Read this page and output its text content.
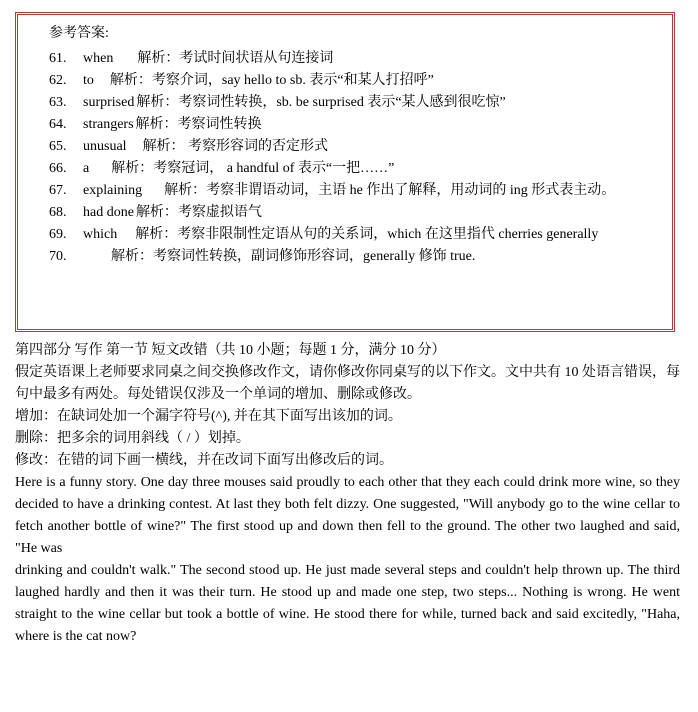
参考答案:
61.	when 解析：考试时间状语从句连接词
62.	to 解析：考察介词，say hello to sb. 表示“和某人打招呼”
63.	surprised 解析：考察词性转换，sb. be surprised 表示“某人感到很吃惊”
64.	strangers 解析：考察词性转换
65.	unusual 解析： 考察形容词的否定形式
66.	a 解析：考察冠词， a handful of 表示“一把……”
67.	explaining 解析：考察非谓语动词，主语 he 作出了解释，用动词的 ing 形式表主动。
68.	had done 解析：考察虚拟语气
69.	which 解析：考察非限制性定语从句的关系词，which 在这里指代 cherries generally
70.	解析：考察词性转换，副词修饰形容词，generally 修饰 true.

第四部分 写作 第一节 短文改错（共 10 小题；每题 1 分，满分 10 分）

假定英语课上老师要求同桌之间交换修改作文，请你修改你同桌写的以下作文。文中共有 10 处语言错误，每句中最多有两处。每处错误仅涉及一个单词的增加、删除或修改。

增加：在缺词处加一个漏字符号(^), 并在其下面写出该加的词。

删除：把多余的词用斜线（ / ）划掉。

修改：在错的词下画一横线，并在改词下面写出修改后的词。

Here is a funny story. One day three mouses said proudly to each other that they each could drink more wine, so they decided to have a drinking contest. At last they both felt dizzy. One suggested, "Will anybody go to the wine cellar to fetch another bottle of wine?" The first stood up and down then fell to the ground. The other two laughed and said, "He was

drinking and couldn't walk." The second stood up. He just made several steps and couldn't help thrown up. The third laughed hardly and then it was their turn. He stood up and made one step, two steps... Nothing is wrong. He went straight to the wine cellar but took a bottle of wine. He stood there for while, turned back and said excitedly, "Haha, where is the cat now?
